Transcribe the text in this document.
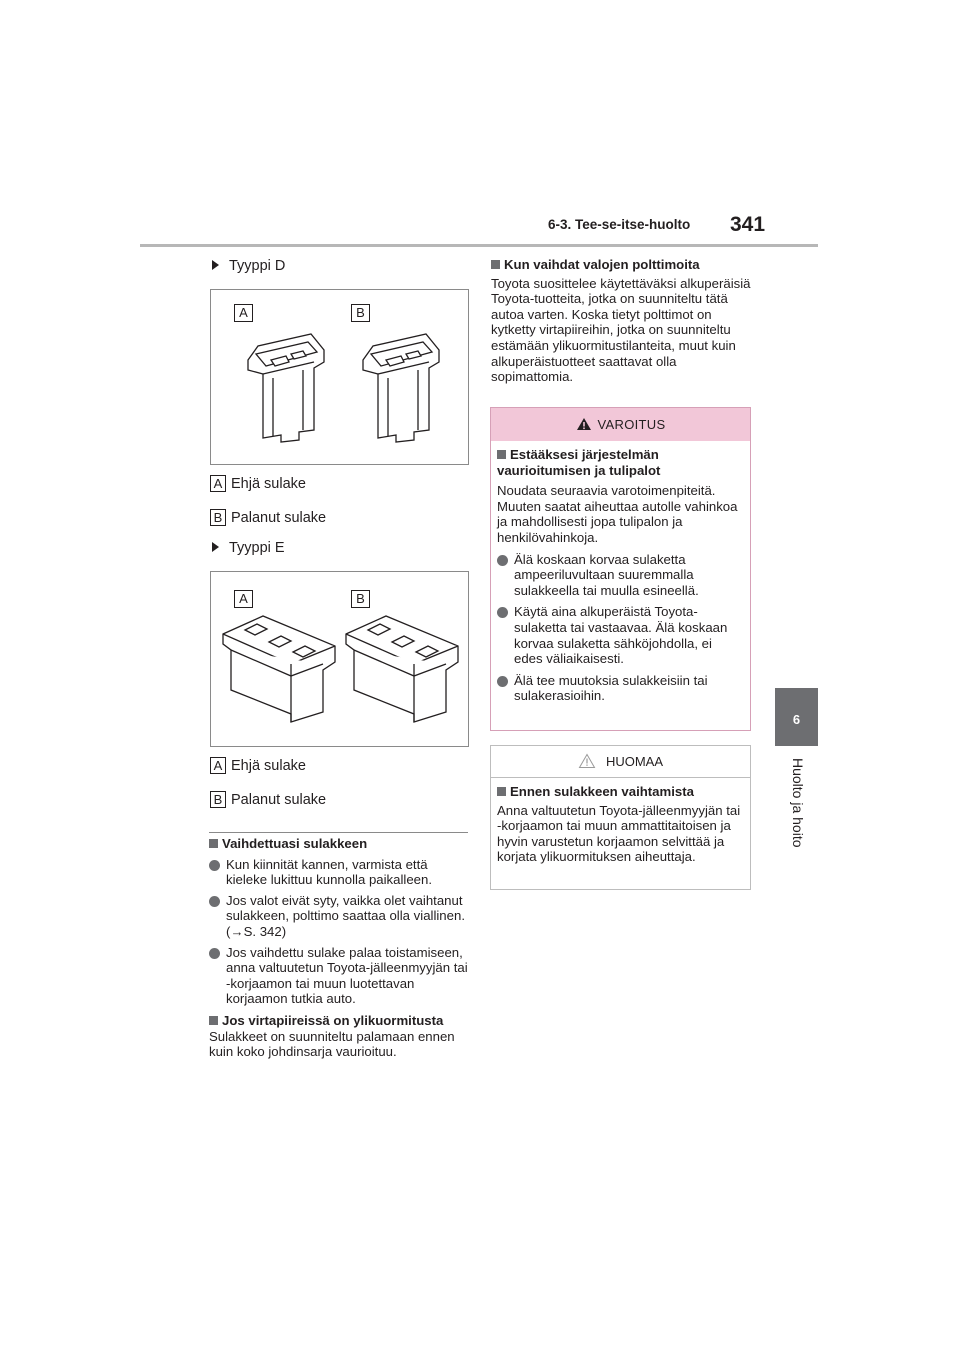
6-3. Tee-se-itse-huolto 341
6
Huolto ja hoito
Tyyppi D
A	B
A Ehjä sulake
B Palanut sulake
Tyyppi E
A	B
A Ehjä sulake
B Palanut sulake

Vaihdettuasi sulakkeen

Kun kiinnität kannen, varmista että kieleke lukittuu kunnolla paikalleen.

Jos valot eivät syty, vaikka olet vaihtanut sulakkeen, polttimo saattaa olla viallinen. (→S. 342)

Jos vaihdettu sulake palaa toistamiseen, anna valtuutetun Toyota-jälleenmyyjän tai -korjaamon tai muun luotettavan korjaamon tutkia auto.

Jos virtapiireissä on ylikuormitusta

Sulakkeet on suunniteltu palamaan ennen kuin koko johdinsarja vaurioituu.

Kun vaihdat valojen polttimoita

Toyota suosittelee käytettäväksi alkuperäisiä Toyota-tuotteita, jotka on suunniteltu tätä autoa varten. Koska tietyt polttimot on kytketty virtapiireihin, jotka on suunniteltu estämään ylikuormitustilanteita, muut kuin alkuperäistuotteet saattavat olla sopimattomia.

VAROITUS

Estääksesi järjestelmän vaurioitumisen ja tulipalot

Noudata seuraavia varotoimenpiteitä. Muuten saatat aiheuttaa autolle vahinkoa ja mahdollisesti jopa tulipalon ja henkilövahinkoja.

Älä koskaan korvaa sulaketta ampeeriluvultaan suuremmalla sulakkeella tai muulla esineellä.

Käytä aina alkuperäistä Toyota-sulaketta tai vastaavaa. Älä koskaan korvaa sulaketta sähköjohdolla, ei edes väliaikaisesti.

Älä tee muutoksia sulakkeisiin tai sulakerasioihin.

HUOMAA

Ennen sulakkeen vaihtamista

Anna valtuutetun Toyota-jälleenmyyjän tai -korjaamon tai muun ammattitaitoisen ja hyvin varustetun korjaamon selvittää ja korjata ylikuormituksen aiheuttaja.
